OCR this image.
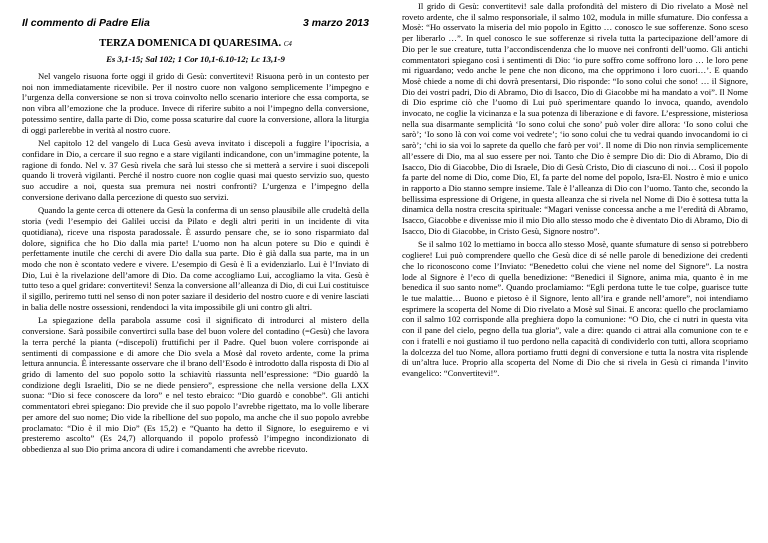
Il commento di Padre Elia	3 marzo 2013
TERZA DOMENICA DI QUARESIMA. C4
Es 3,1-15; Sal 102; 1 Cor 10,1-6.10-12; Lc 13,1-9

Nel vangelo risuona forte oggi il grido di Gesù: convertitevi! Risuona però in un contesto per noi non immediatamente ricevibile. Per il nostro cuore non valgono semplicemente l’impegno e l’urgenza della conversione se non si trova coinvolto nello scenario interiore che essa comporta, se non vibra all’emozione che la produce. Invece di riferire subito a noi l’impegno della conversione, potessimo sentire, dalla parte di Dio, come possa scaturire dal cuore la conversione, allora la liturgia di oggi parlerebbe in verità al nostro cuore.

Nel capitolo 12 del vangelo di Luca Gesù aveva invitato i discepoli a fuggire l’ipocrisia, a confidare in Dio, a cercare il suo regno e a stare vigilanti indicandone, con un’immagine potente, la ragione di fondo. Nel v. 37 Gesù rivela che sarà lui stesso che si metterà a servire i suoi discepoli quando li troverà vigilanti. Perché il nostro cuore non coglie quasi mai questo servizio suo, questo suo accudire a noi, questa sua premura nei nostri confronti? L’urgenza e l’impegno della conversione derivano dalla percezione di questo suo servizi.

Quando la gente cerca di ottenere da Gesù la conferma di un senso plausibile alle crudeltà della storia (vedi l’esempio dei Galilei uccisi da Pilato e degli altri periti in un incidente di vita quotidiana), riceve una risposta paradossale. È assurdo pensare che, se io sono risparmiato dal dolore, significa che ho Dio dalla mia parte! L’uomo non ha alcun potere su Dio e quindi è perfettamente inutile che cerchi di avere Dio dalla sua parte. Dio è già dalla sua parte, ma in un modo che non è scontato vedere e vivere. L’esempio di Gesù è lì a evidenziarlo. Lui è l’Inviato di Dio, Lui è la rivelazione dell’amore di Dio. Da come accogliamo Lui, accogliamo la vita. Gesù è tutto teso a quel gridare: convertitevi! Senza la conversione all’alleanza di Dio, di cui Lui costituisce il sigillo, periremo tutti nel senso di non poter saziare il desiderio del nostro cuore e di venire lasciati in balia delle nostre ossessioni, rendendoci la vita impossibile gli uni contro gli altri.

La spiegazione della parabola assume così il significato di introdurci al mistero della conversione. Sarà possibile convertirci sulla base del buon volere del contadino (=Gesù) che lavora la terra perché la pianta (=discepoli) fruttifichi per il Padre. Quel buon volere corrisponde ai sentimenti di compassione e di amore che Dio svela a Mosè dal roveto ardente, come la prima lettura annuncia. È interessante osservare che il brano dell’Esodo è introdotto dalla risposta di Dio al grido di lamento del suo popolo sotto la schiavitù riassunta nell’espressione: “Dio guardò la condizione degli Israeliti, Dio se ne diede pensiero”, espressione che nella versione della LXX suona: “Dio si fece conoscere da loro” e nel testo ebraico: “Dio guardò e conobbe”. Gli antichi commentatori ebrei spiegano: Dio previde che il suo popolo l’avrebbe rigettato, ma lo volle liberare per amore del suo nome; Dio vide la ribellione del suo popolo, ma anche che il suo popolo avrebbe proclamato: “Dio è il mio Dio” (Es 15,2) e “Quanto ha detto il Signore, lo eseguiremo e vi presteremo ascolto” (Es 24,7) allorquando il popolo professò l’impegno incondizionato di obbedienza al suo Dio prima ancora di udire i comandamenti che avrebbe ricevuto.

Il grido di Gesù: convertitevi! sale dalla profondità del mistero di Dio rivelato a Mosè nel roveto ardente, che il salmo responsoriale, il salmo 102, modula in mille sfumature. Dio confessa a Mosè: “Ho osservato la miseria del mio popolo in Egitto … conosco le sue sofferenze. Sono sceso per liberarlo …”. In quel conosco le sue sofferenze si rivela tutta la partecipazione dell’amore di Dio per le sue creature, tutta l’accondiscendenza che lo muove nei confronti dell’uomo. Gli antichi commentatori spiegano così i sentimenti di Dio: ‘io pure soffro come soffrono loro … le loro pene mi riguardano; vedo anche le pene che non dicono, ma che opprimono i loro cuori…’. E quando Mosè chiede a nome di chi dovrà presentarsi, Dio risponde: “Io sono colui che sono! … il Signore, Dio dei vostri padri, Dio di Abramo, Dio di Isacco, Dio di Giacobbe mi ha mandato a voi”. Il Nome di Dio esprime ciò che l’uomo di Lui può sperimentare quando lo invoca, quando, avendolo invocato, ne coglie la vicinanza e la sua potenza di liberazione e di favore. L’espressione, misteriosa nella sua disarmante semplicità ‘Io sono colui che sono’ può voler dire allora: ‘Io sono colui che sarò’; ‘Io sono là con voi come voi vedrete’; ‘io sono colui che tu vedrai quando invocandomi io ci sarò’; ‘chi io sia voi lo saprete da quello che farò per voi’. Il nome di Dio non rinvia semplicemente all’essere di Dio, ma al suo essere per noi. Tanto che Dio è sempre Dio di: Dio di Abramo, Dio di Isacco, Dio di Giacobbe, Dio di Israele, Dio di Gesù Cristo, Dio di ciascuno di noi… Così il popolo fa parte del nome di Dio, come Dio, El, fa parte del nome del popolo, Isra-El. Nostro è mio e unico in rapporto a Dio stanno sempre insieme. Tale è l’alleanza di Dio con l’uomo. Tanto che, secondo la bellissima espressione di Origene, in questa alleanza che si rivela nel Nome di Dio è sottesa tutta la dinamica della nostra crescita spirituale: “Magari venisse concessa anche a me l’eredità di Abramo, Isacco, Giacobbe e divenisse mio il mio Dio allo stesso modo che è diventato Dio di Abramo, Dio di Isacco, Dio di Giacobbe, in Cristo Gesù, Signore nostro”.

Se il salmo 102 lo mettiamo in bocca allo stesso Mosè, quante sfumature di senso si potrebbero cogliere! Lui può comprendere quello che Gesù dice di sé nelle parole di benedizione dei credenti che lo riconoscono come l’Inviato: “Benedetto colui che viene nel nome del Signore”. La nostra lode al Signore è l’eco di quella benedizione: “Benedici il Signore, anima mia, quanto è in me benedica il suo santo nome”. Quando proclamiamo: “Egli perdona tutte le tue colpe, guarisce tutte le tue malattie… Buono e pietoso è il Signore, lento all’ira e grande nell’amore”, noi intendiamo esprimere la scoperta del Nome di Dio rivelato a Mosè sul Sinai. E ancora: quello che proclamiamo con il salmo 102 corrisponde alla preghiera dopo la comunione: “O Dio, che ci nutri in questa vita con il pane del cielo, pegno della tua gloria”, vale a dire: quando ci attrai alla comunione con te e con i fratelli e noi gustiamo il tuo perdono nella capacità di condividerlo con tutti, allora scopriamo la dolcezza del tuo Nome, allora portiamo frutti degni di conversione e tutta la nostra vita risplende di un’altra luce. Proprio alla scoperta del Nome di Dio che si rivela in Gesù ci rimanda l’invito evangelico: “Convertitevi!”.
